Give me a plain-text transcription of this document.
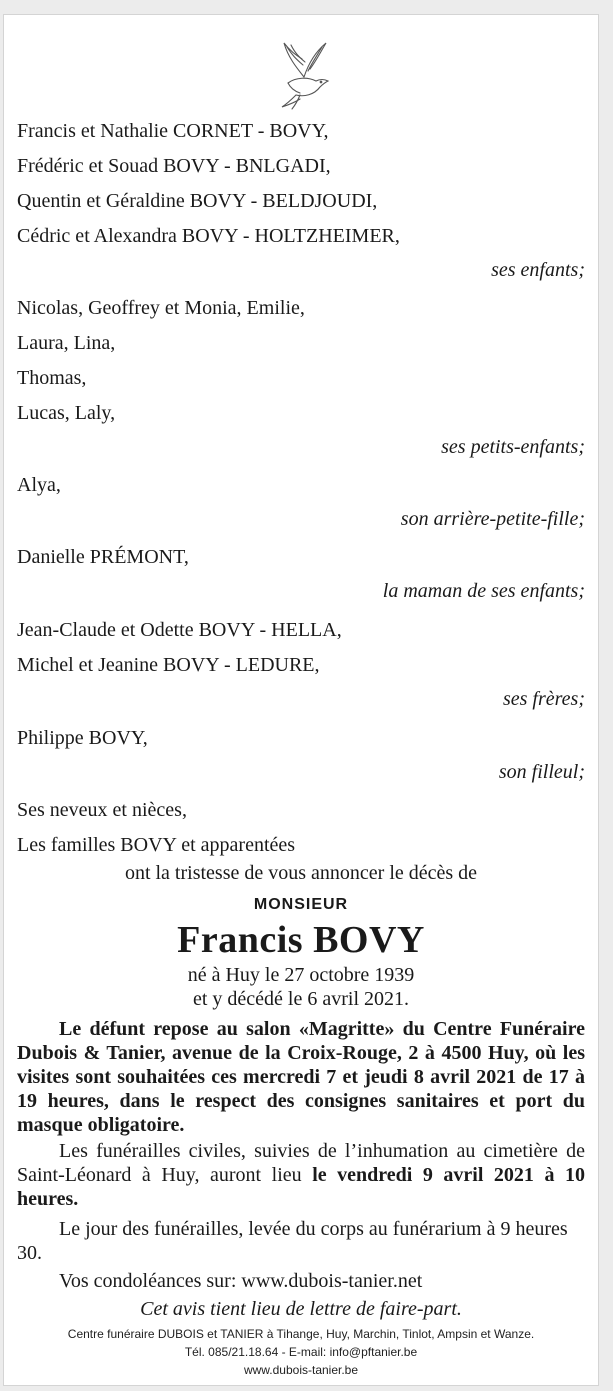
Francis et Nathalie CORNET - BOVY,
Frédéric et Souad BOVY - BNLGADI,
Quentin et Géraldine BOVY - BELDJOUDI,
Cédric et Alexandra BOVY - HOLTZHEIMER,
ses enfants;
Nicolas, Geoffrey et Monia, Emilie,
Laura, Lina,
Thomas,
Lucas, Laly,
ses petits-enfants;
Alya,
son arrière-petite-fille;
Danielle PRÉMONT,
la maman de ses enfants;
Jean-Claude et Odette BOVY - HELLA,
Michel et Jeanine BOVY - LEDURE,
ses frères;
Philippe BOVY,
son filleul;
Ses neveux et nièces,
Les familles BOVY et apparentées
ont la tristesse de vous annoncer le décès de
MONSIEUR
Francis BOVY
né à Huy le 27 octobre 1939
et y décédé le 6 avril 2021.
Le défunt repose au salon «Magritte» du Centre Funéraire Dubois & Tanier, avenue de la Croix-Rouge, 2 à 4500 Huy, où les visites sont souhaitées ces mercredi 7 et jeudi 8 avril 2021 de 17 à 19 heures, dans le respect des consignes sanitaires et port du masque obligatoire.
Les funérailles civiles, suivies de l’inhumation au cimetière de Saint-Léonard à Huy, auront lieu le vendredi 9 avril 2021 à 10 heures.
Le jour des funérailles, levée du corps au funérarium à 9 heures 30.
Vos condoléances sur: www.dubois-tanier.net
Cet avis tient lieu de lettre de faire-part.
Centre funéraire DUBOIS et TANIER à Tihange, Huy, Marchin, Tinlot, Ampsin et Wanze.
Tél. 085/21.18.64 - E-mail: info@pftanier.be
www.dubois-tanier.be
